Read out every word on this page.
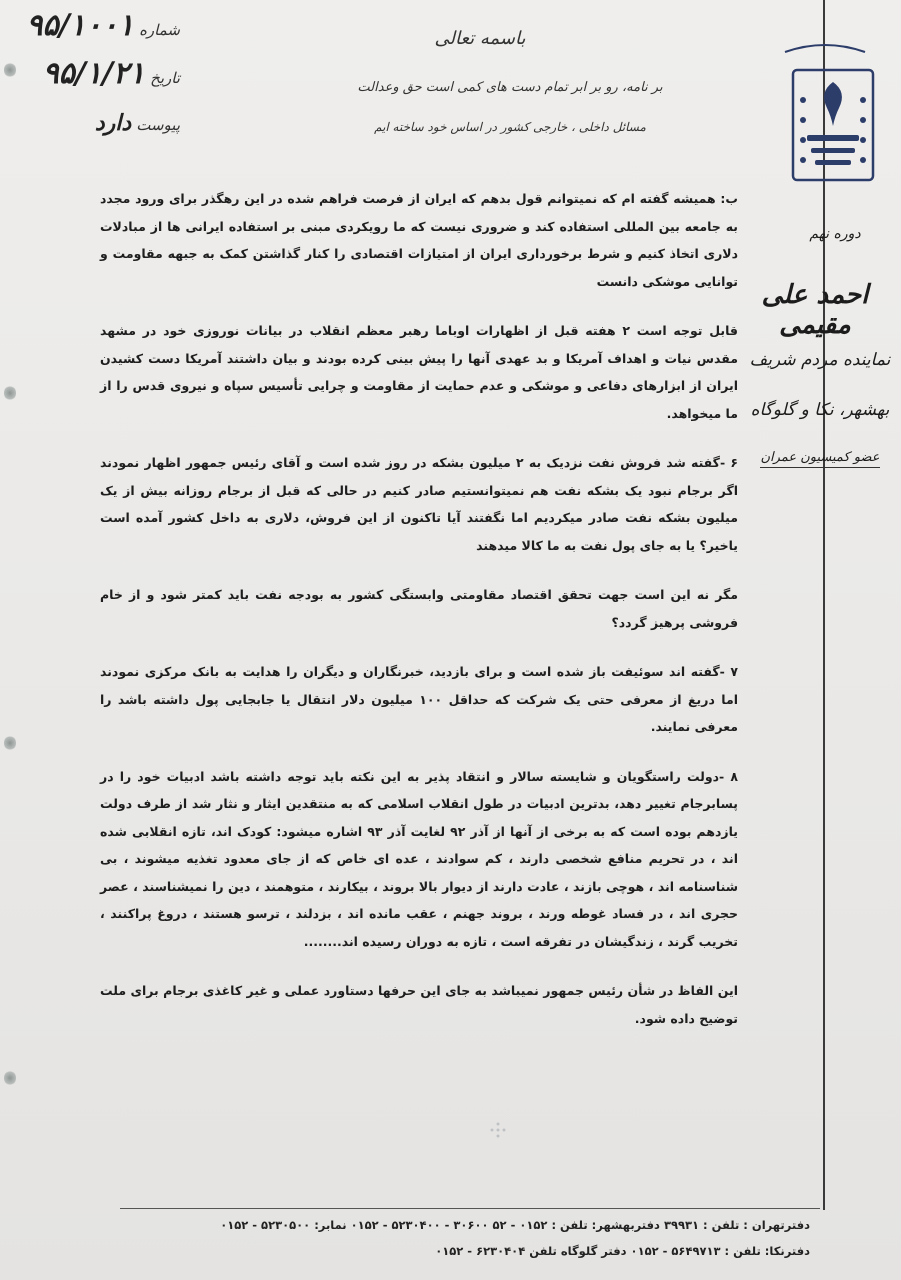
شماره ۹۵/۱۰۰۱
تاریخ ۹۵/۱/۲۱
پیوست دارد
باسمه تعالی
بر نامه، رو بر ابر تمام دست های کمی است حق وعدالت
مسائل داخلی ، خارجی کشور در اساس خود ساخته ایم
دوره نهم
احمد علی مقیمی
نماینده مردم شریف
بهشهر، نکا و گلوگاه
عضو کمیسیون عمران

ب: همیشه گفته ام که نمیتوانم قول بدهم که ایران از فرصت فراهم شده در این رهگذر برای ورود مجدد به جامعه بین المللی استفاده کند و ضروری نیست که ما رویکردی مبنی بر استفاده ایرانی ها از مبادلات دلاری اتخاذ کنیم و شرط برخورداری ایران از امتیازات اقتصادی را کنار گذاشتن کمک به جبهه مقاومت و توانایی موشکی دانست

قابل توجه است ۲ هفته قبل از اظهارات اوباما رهبر معظم انقلاب در بیانات نوروزی خود در مشهد مقدس نیات و اهداف آمریکا و بد عهدی آنها را پیش بینی کرده بودند و بیان داشتند آمریکا دست کشیدن ایران از ابزارهای دفاعی و موشکی و عدم حمایت از مقاومت و چرایی تأسیس سپاه و نیروی قدس را از ما میخواهد.

۶ -گفته شد فروش نفت نزدیک به ۲ میلیون بشکه در روز شده است و آقای رئیس جمهور اظهار نمودند اگر برجام نبود یک بشکه نفت هم نمیتوانستیم صادر کنیم در حالی که قبل از برجام روزانه بیش از یک میلیون بشکه نفت صادر میکردیم اما نگفتند آیا تاکنون از این فروش، دلاری به داخل کشور آمده است یاخیر؟ یا به جای پول نفت به ما کالا میدهند

مگر نه این است جهت تحقق اقتصاد مقاومتی وابستگی کشور به بودجه نفت باید کمتر شود و از خام فروشی پرهیز گردد؟

۷ -گفته اند سوئیفت باز شده است و برای بازدید، خبرنگاران و دیگران را هدایت به بانک مرکزی نمودند اما دریغ از معرفی حتی یک شرکت که حداقل ۱۰۰ میلیون دلار انتقال یا جابجایی پول داشته باشد را معرفی نمایند.

۸ -دولت راستگویان و شایسته سالار و انتقاد پذیر به این نکته باید توجه داشته باشد ادبیات خود را در پسابرجام تغییر دهد، بدترین ادبیات در طول انقلاب اسلامی که به منتقدین ایثار و نثار شد از طرف دولت یازدهم بوده است که به برخی از آنها از آذر ۹۲ لغایت آذر ۹۳ اشاره میشود: کودک اند، تازه انقلابی شده اند ، در تحریم منافع شخصی دارند ، کم سوادند ، عده ای خاص که از جای معدود تغذیه میشوند ، بی شناسنامه اند ، هوچی بازند ، عادت دارند از دیوار بالا بروند ، بیکارند ، متوهمند ، دین را نمیشناسند ، عصر حجری اند ، در فساد غوطه ورند ، بروند جهنم ، عقب مانده اند ، بزدلند ، ترسو هستند ، دروغ پراکنند ، تخریب گرند ، زندگیشان در تفرقه است ، تازه به دوران رسیده اند........

این الفاظ در شأن رئیس جمهور نمیباشد به جای این حرفها دستاورد عملی و غیر کاغذی برجام برای ملت توضیح داده شود.

دفترتهران : تلفن : ۳۹۹۳۱ دفتربهشهر: تلفن : ۰۱۵۲ - ۵۲ ۳۰۶۰۰ - ۵۲۳۰۴۰۰ - ۰۱۵۲ نمابر: ۵۲۳۰۵۰۰ - ۰۱۵۲
دفترنکا: تلفن : ۵۶۴۹۷۱۳ - ۰۱۵۲ دفتر گلوگاه تلفن ۶۲۳۰۴۰۴ - ۰۱۵۲
